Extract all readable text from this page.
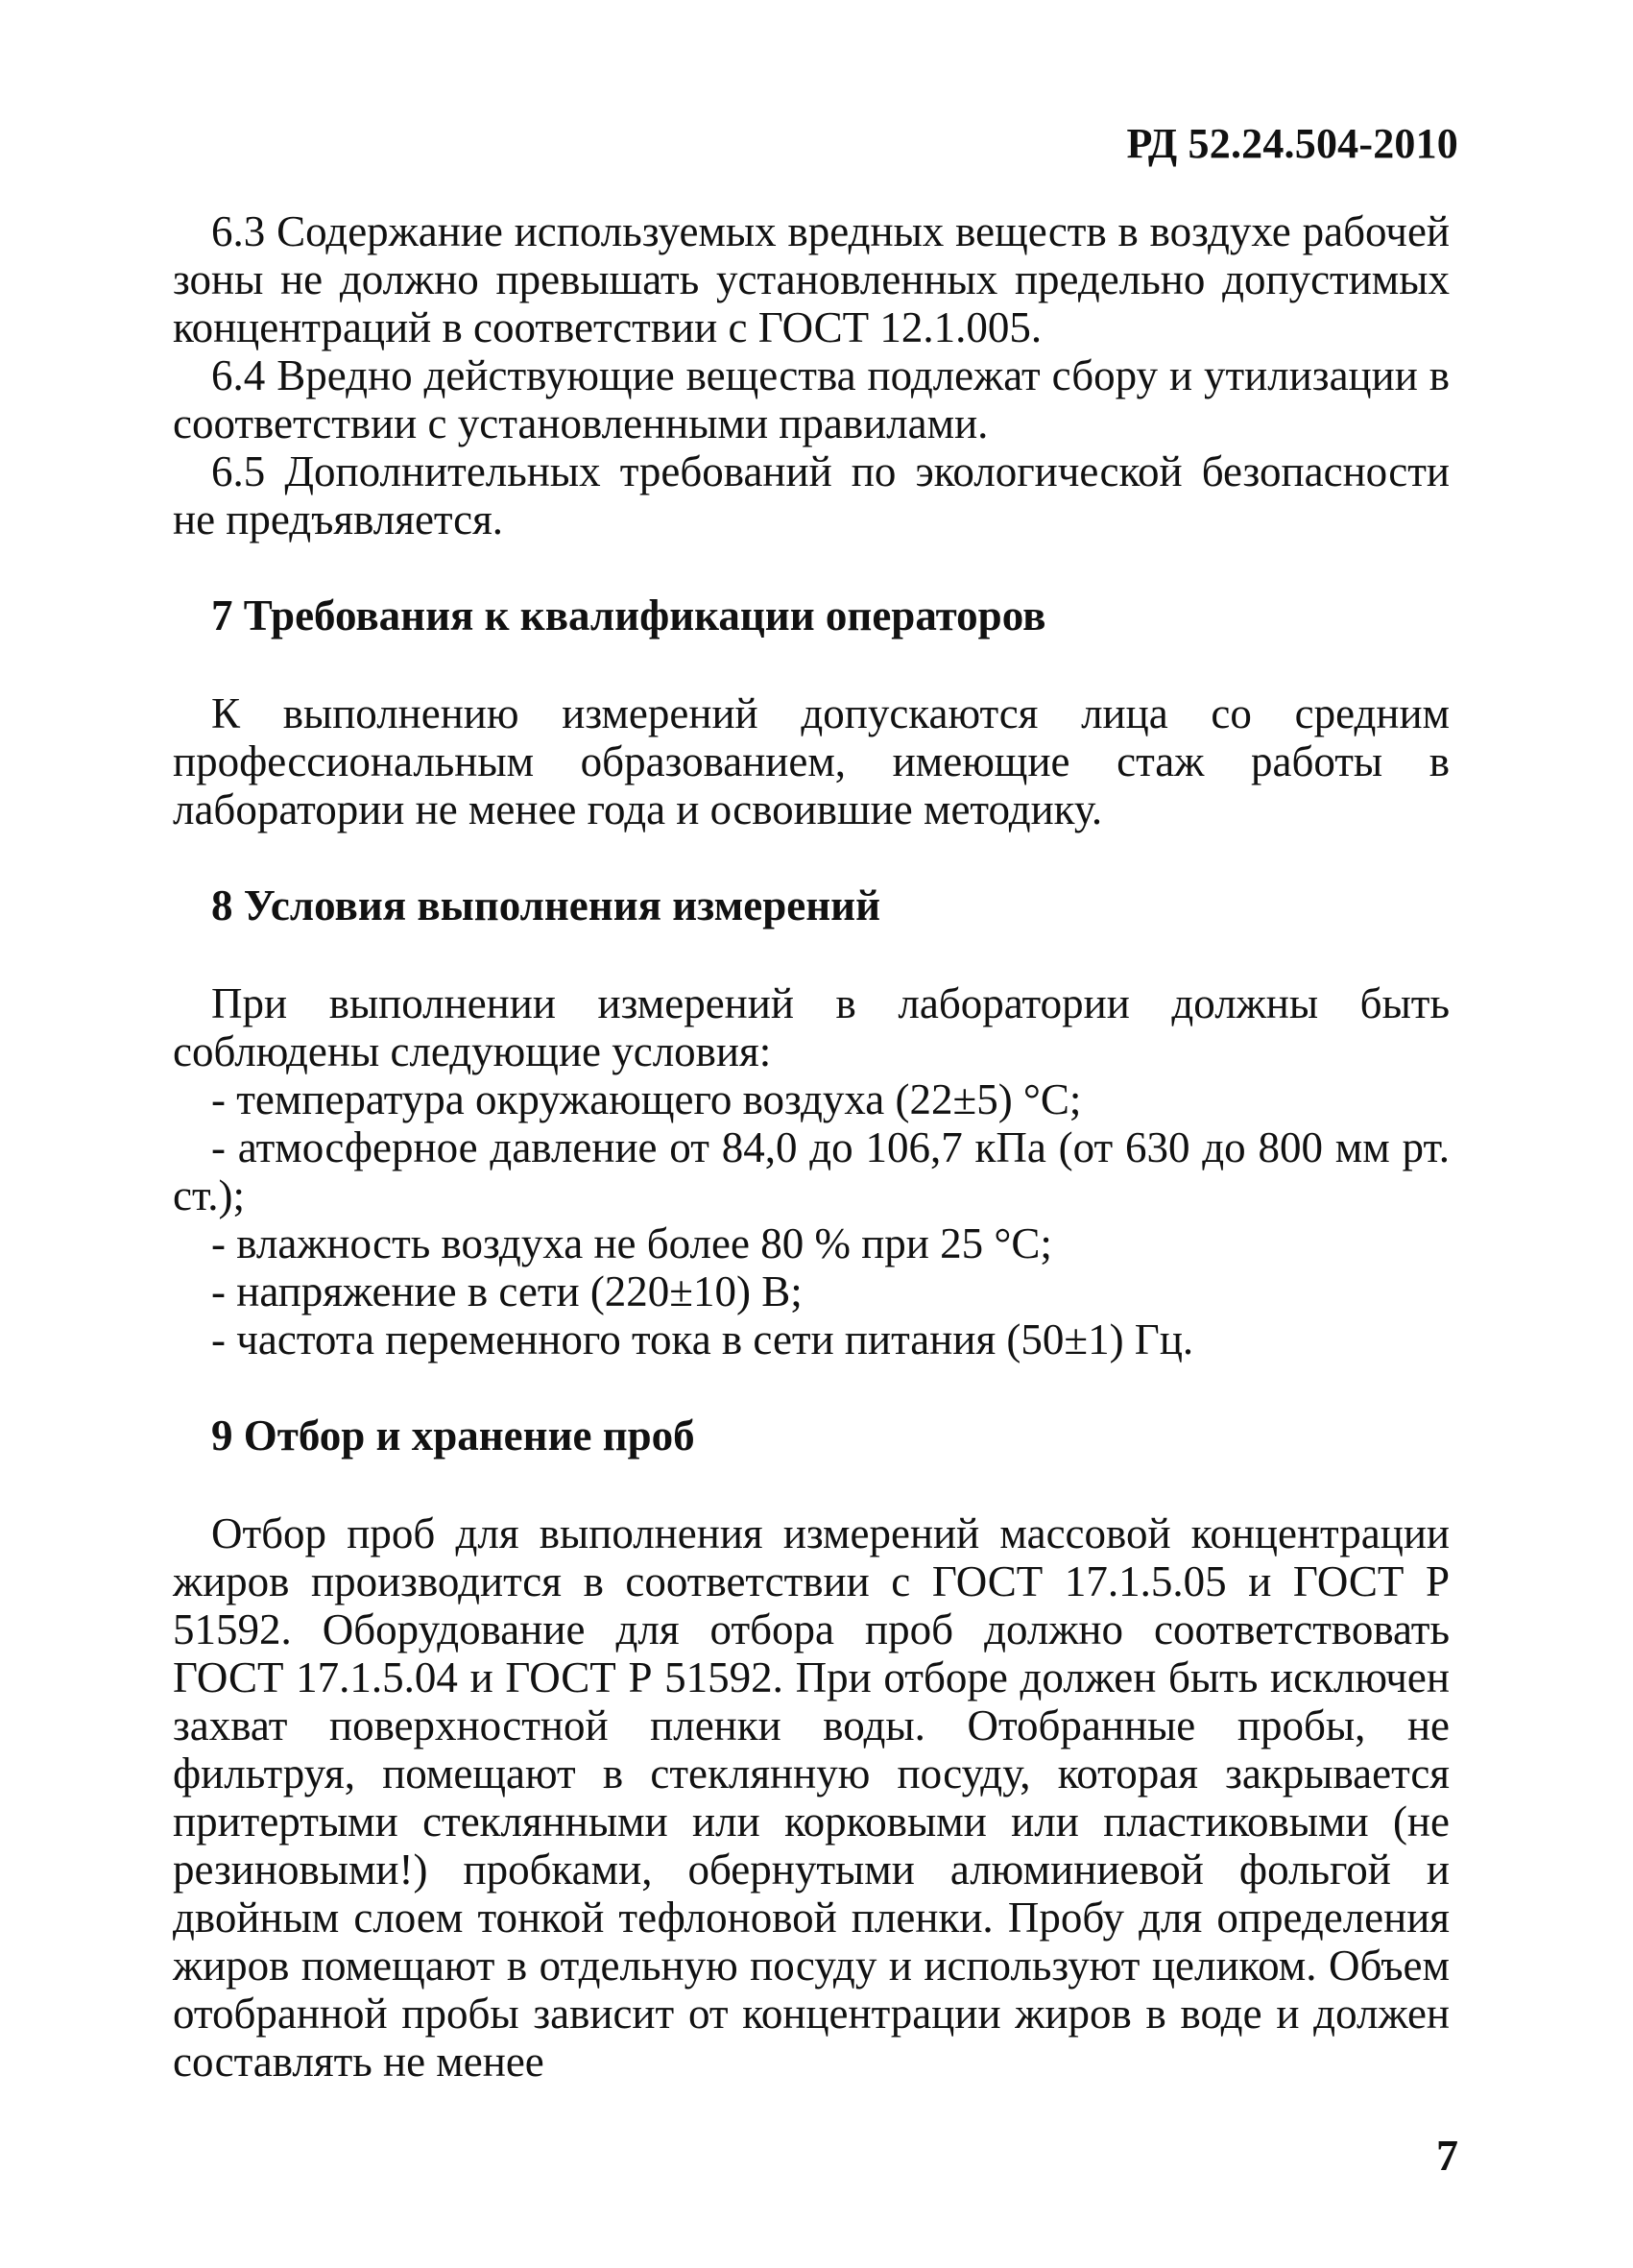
РД 52.24.504-2010

6.3 Содержание используемых вредных веществ в воздухе рабочей зоны не должно превышать установленных предельно допустимых концентраций в соответствии с ГОСТ 12.1.005.

6.4 Вредно действующие вещества подлежат сбору и утилизации в соответствии с установленными правилами.

6.5 Дополнительных требований по экологической безопасности не предъявляется.

7 Требования к квалификации операторов

К выполнению измерений допускаются лица со средним профессиональным образованием, имеющие стаж работы в лаборатории не менее года и освоившие методику.

8 Условия выполнения измерений

При выполнении измерений в лаборатории должны быть соблюдены следующие условия:

- температура окружающего воздуха (22±5) °С;

- атмосферное давление от 84,0 до 106,7 кПа (от 630 до 800 мм рт. ст.);

- влажность воздуха не более 80 % при 25 °С;

- напряжение в сети (220±10) В;

- частота переменного тока в сети питания (50±1) Гц.

9 Отбор и хранение проб

Отбор проб для выполнения измерений массовой концентрации жиров производится в соответствии с ГОСТ 17.1.5.05 и ГОСТ Р 51592. Оборудование для отбора проб должно соответствовать ГОСТ 17.1.5.04 и ГОСТ Р 51592. При отборе должен быть исключен захват поверхностной пленки воды. Отобранные пробы, не фильтруя, помещают в стеклянную посуду, которая закрывается притертыми стеклянными или корковыми или пластиковыми (не резиновыми!) пробками, обернутыми алюминиевой фольгой и двойным слоем тонкой тефлоновой пленки. Пробу для определения жиров помещают в отдельную посуду и используют целиком. Объем отобранной пробы зависит от концентрации жиров в воде и должен составлять не менее

7
